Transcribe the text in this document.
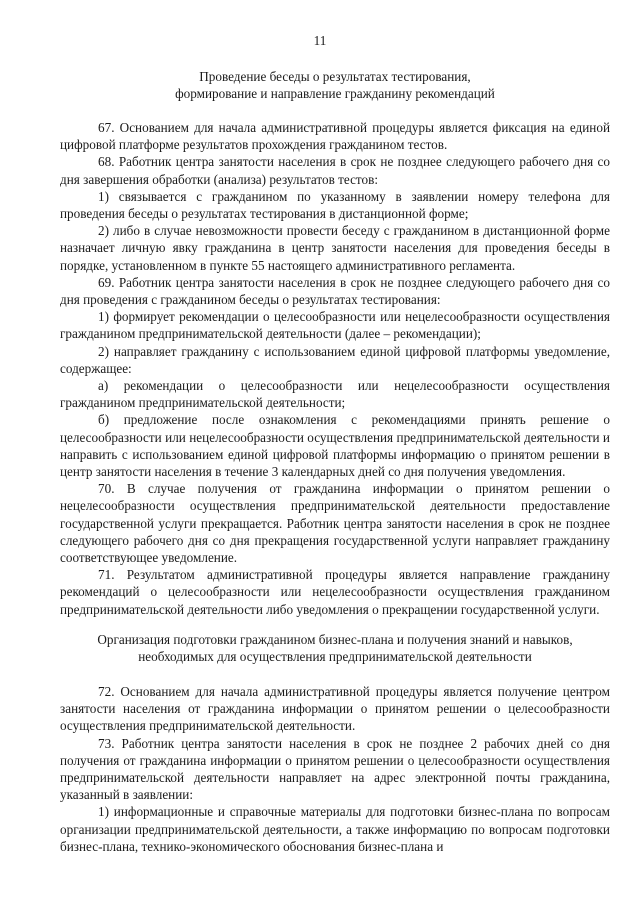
11
Проведение беседы о результатах тестирования,
формирование и направление гражданину рекомендаций

67. Основанием для начала административной процедуры является фиксация на единой цифровой платформе результатов прохождения гражданином тестов.

68. Работник центра занятости населения в срок не позднее следующего рабочего дня со дня завершения обработки (анализа) результатов тестов:

1) связывается с гражданином по указанному в заявлении номеру телефона для проведения беседы о результатах тестирования в дистанционной форме;

2) либо в случае невозможности провести беседу с гражданином в дистанционной форме назначает личную явку гражданина в центр занятости населения для проведения беседы в порядке, установленном в пункте 55 настоящего административного регламента.

69. Работник центра занятости населения в срок не позднее следующего рабочего дня со дня проведения с гражданином беседы о результатах тестирования:

1) формирует рекомендации о целесообразности или нецелесообразности осуществления гражданином предпринимательской деятельности (далее – рекомендации);

2) направляет гражданину с использованием единой цифровой платформы уведомление, содержащее:

а) рекомендации о целесообразности или нецелесообразности осуществления гражданином предпринимательской деятельности;

б) предложение после ознакомления с рекомендациями принять решение о целесообразности или нецелесообразности осуществления предпринимательской деятельности и направить с использованием единой цифровой платформы информацию о принятом решении в центр занятости населения в течение 3 календарных дней со дня получения уведомления.

70. В случае получения от гражданина информации о принятом решении о нецелесообразности осуществления предпринимательской деятельности предоставление государственной услуги прекращается. Работник центра занятости населения в срок не позднее следующего рабочего дня со дня прекращения государственной услуги направляет гражданину соответствующее уведомление.

71. Результатом административной процедуры является направление гражданину рекомендаций о целесообразности или нецелесообразности осуществления гражданином предпринимательской деятельности либо уведомления о прекращении государственной услуги.

Организация подготовки гражданином бизнес-плана и получения знаний и навыков,
необходимых для осуществления предпринимательской деятельности

72. Основанием для начала административной процедуры является получение центром занятости населения от гражданина информации о принятом решении о целесообразности осуществления предпринимательской деятельности.

73. Работник центра занятости населения в срок не позднее 2 рабочих дней со дня получения от гражданина информации о принятом решении о целесообразности осуществления предпринимательской деятельности направляет на адрес электронной почты гражданина, указанный в заявлении:

1) информационные и справочные материалы для подготовки бизнес-плана по вопросам организации предпринимательской деятельности, а также информацию по вопросам подготовки бизнес-плана, технико-экономического обоснования бизнес-плана и
